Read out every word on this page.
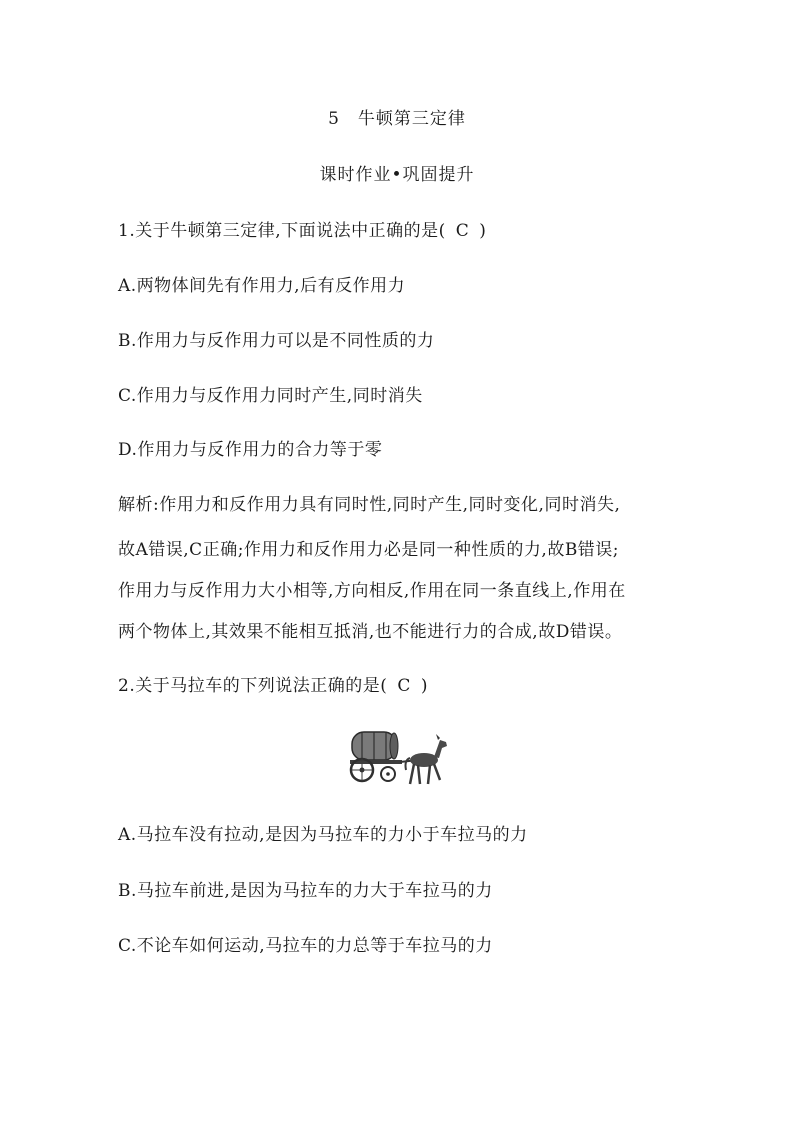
5　牛顿第三定律
课时作业•巩固提升
1.关于牛顿第三定律,下面说法中正确的是( C )
A.两物体间先有作用力,后有反作用力
B.作用力与反作用力可以是不同性质的力
C.作用力与反作用力同时产生,同时消失
D.作用力与反作用力的合力等于零
解析:作用力和反作用力具有同时性,同时产生,同时变化,同时消失,
故A错误,C正确;作用力和反作用力必是同一种性质的力,故B错误;
作用力与反作用力大小相等,方向相反,作用在同一条直线上,作用在
两个物体上,其效果不能相互抵消,也不能进行力的合成,故D错误。
2.关于马拉车的下列说法正确的是( C )
A.马拉车没有拉动,是因为马拉车的力小于车拉马的力
B.马拉车前进,是因为马拉车的力大于车拉马的力
C.不论车如何运动,马拉车的力总等于车拉马的力
